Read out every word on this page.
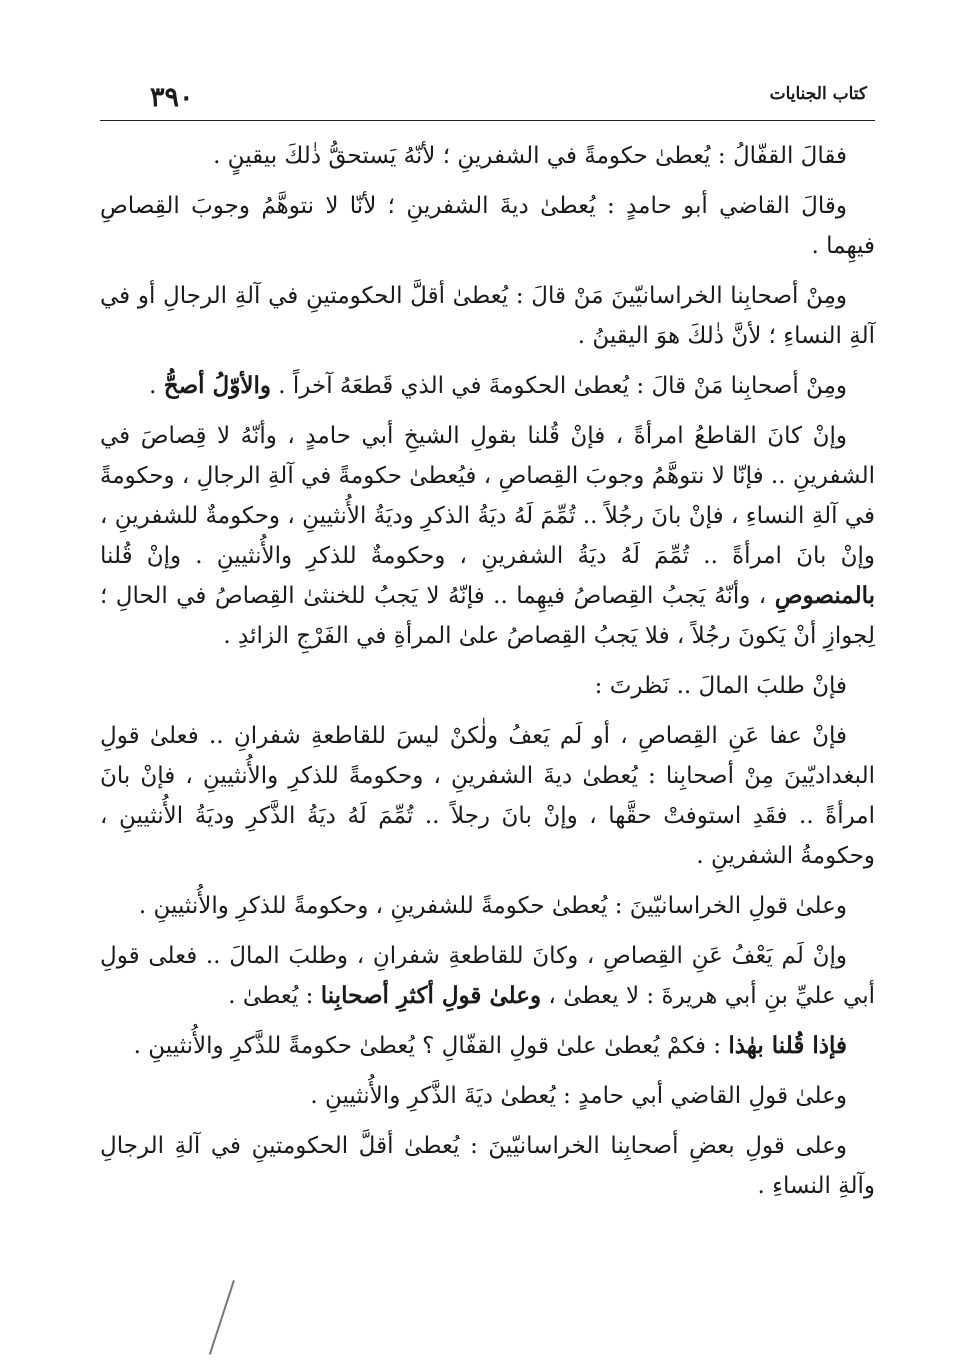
٣٩٠	كتاب الجنايات

فقالَ القفّالُ : يُعطىٰ حكومةً في الشفرينِ ؛ لأنّهُ يَستحقُّ ذٰلكَ بيقينٍ .

وقالَ القاضي أبو حامدٍ : يُعطىٰ ديةَ الشفرينِ ؛ لأنّا لا نتوهَّمُ وجوبَ القِصاصِ فيهِما .

ومِنْ أصحابِنا الخراسانيّينَ مَنْ قالَ : يُعطىٰ أقلَّ الحكومتينِ في آلةِ الرجالِ أو في آلةِ النساءِ ؛ لأنَّ ذٰلكَ هوَ اليقينُ .

ومِنْ أصحابِنا مَنْ قالَ : يُعطىٰ الحكومةَ في الذي قَطعَهُ آخراً . والأوّلُ أصحُّ .

وإنْ كانَ القاطعُ امرأةً ، فإنْ قُلنا بقولِ الشيخِ أبي حامدٍ ، وأنّهُ لا قِصاصَ في الشفرينِ .. فإنّا لا نتوهَّمُ وجوبَ القِصاصِ ، فيُعطىٰ حكومةً في آلةِ الرجالِ ، وحكومةً في آلةِ النساءِ ، فإنْ بانَ رجُلاً .. تُمِّمَ لَهُ ديَةُ الذكرِ وديَةُ الأُنثيينِ ، وحكومةٌ للشفرينِ ، وإنْ بانَ امرأةً .. تُمِّمَ لَهُ ديَةُ الشفرينِ ، وحكومةٌ للذكرِ والأُنثيينِ . وإنْ قُلنا بالمنصوصِ ، وأنّهُ يَجبُ القِصاصُ فيهِما .. فإنّهُ لا يَجبُ للخنثىٰ القِصاصُ في الحالِ ؛ لِجوازِ أنْ يَكونَ رجُلاً ، فلا يَجبُ القِصاصُ علىٰ المرأةِ في الفَرْجِ الزائدِ .

فإنْ طلبَ المالَ .. نَظرتَ :

فإنْ عفا عَنِ القِصاصِ ، أو لَم يَعفُ ولٰكنْ ليسَ للقاطعةِ شفرانِ .. فعلىٰ قولِ البغداديّينَ مِنْ أصحابِنا : يُعطىٰ ديةَ الشفرينِ ، وحكومةً للذكرِ والأُنثيينِ ، فإنْ بانَ امرأةً .. فقَدِ استوفتْ حقَّها ، وإنْ بانَ رجلاً .. تُمِّمَ لَهُ ديَةُ الذَّكرِ وديَةُ الأُنثيينِ ، وحكومةُ الشفرينِ .

وعلىٰ قولِ الخراسانيّينَ : يُعطىٰ حكومةً للشفرينِ ، وحكومةً للذكرِ والأُنثيينِ .

وإنْ لَم يَعْفُ عَنِ القِصاصِ ، وكانَ للقاطعةِ شفرانِ ، وطلبَ المالَ .. فعلى قولِ أبي عليِّ بنِ أبي هريرةَ : لا يعطىٰ ، وعلىٰ قولِ أكثرِ أصحابِنا : يُعطىٰ .

فإذا قُلنا بهٰذا : فكمْ يُعطىٰ علىٰ قولِ القفّالِ ؟ يُعطىٰ حكومةً للذَّكرِ والأُنثيينِ .

وعلىٰ قولِ القاضي أبي حامدٍ : يُعطىٰ ديَةَ الذَّكرِ والأُنثيينِ .

وعلى قولِ بعضِ أصحابِنا الخراسانيّينَ : يُعطىٰ أقلَّ الحكومتينِ في آلةِ الرجالِ وآلةِ النساءِ .
